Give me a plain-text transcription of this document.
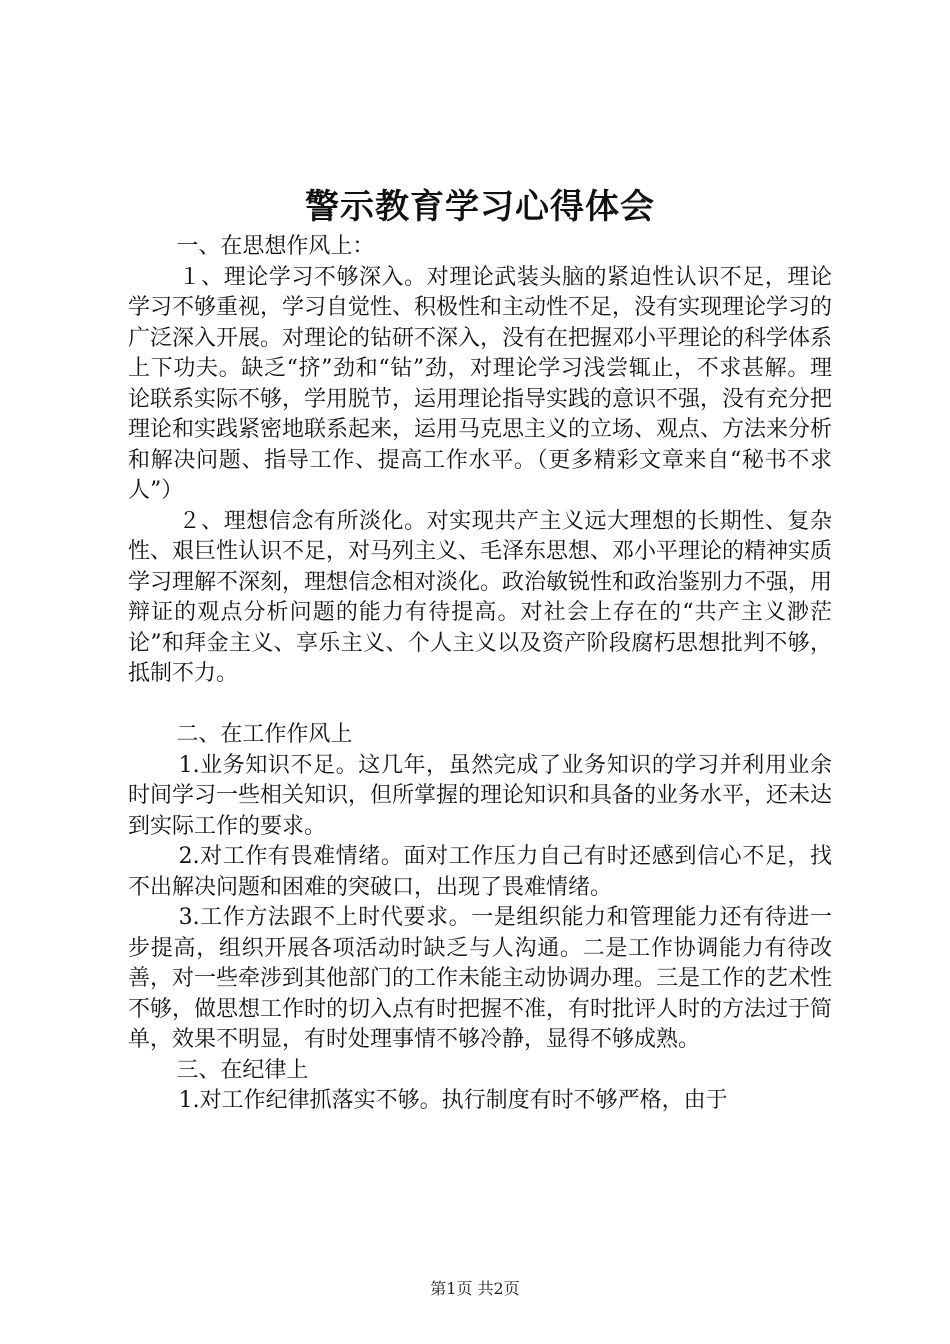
警示教育学习心得体会

一、在思想作风上：

１、理论学习不够深入。对理论武装头脑的紧迫性认识不足，理论学习不够重视，学习自觉性、积极性和主动性不足，没有实现理论学习的广泛深入开展。对理论的钻研不深入，没有在把握邓小平理论的科学体系上下功夫。缺乏“挤”劲和“钻”劲，对理论学习浅尝辄止，不求甚解。理论联系实际不够，学用脱节，运用理论指导实践的意识不强，没有充分把理论和实践紧密地联系起来，运用马克思主义的立场、观点、方法来分析和解决问题、指导工作、提高工作水平。（更多精彩文章来自“秘书不求人”）

２、理想信念有所淡化。对实现共产主义远大理想的长期性、复杂性、艰巨性认识不足，对马列主义、毛泽东思想、邓小平理论的精神实质学习理解不深刻，理想信念相对淡化。政治敏锐性和政治鉴别力不强，用辩证的观点分析问题的能力有待提高。对社会上存在的“共产主义渺茫论”和拜金主义、享乐主义、个人主义以及资产阶段腐朽思想批判不够，抵制不力。

二、在工作作风上

1.业务知识不足。这几年，虽然完成了业务知识的学习并利用业余时间学习一些相关知识，但所掌握的理论知识和具备的业务水平，还未达到实际工作的要求。

2.对工作有畏难情绪。面对工作压力自己有时还感到信心不足，找不出解决问题和困难的突破口，出现了畏难情绪。

3.工作方法跟不上时代要求。一是组织能力和管理能力还有待进一步提高，组织开展各项活动时缺乏与人沟通。二是工作协调能力有待改善，对一些牵涉到其他部门的工作未能主动协调办理。三是工作的艺术性不够，做思想工作时的切入点有时把握不准，有时批评人时的方法过于简单，效果不明显，有时处理事情不够冷静，显得不够成熟。

三、在纪律上

1.对工作纪律抓落实不够。执行制度有时不够严格，由于

第1页 共2页
